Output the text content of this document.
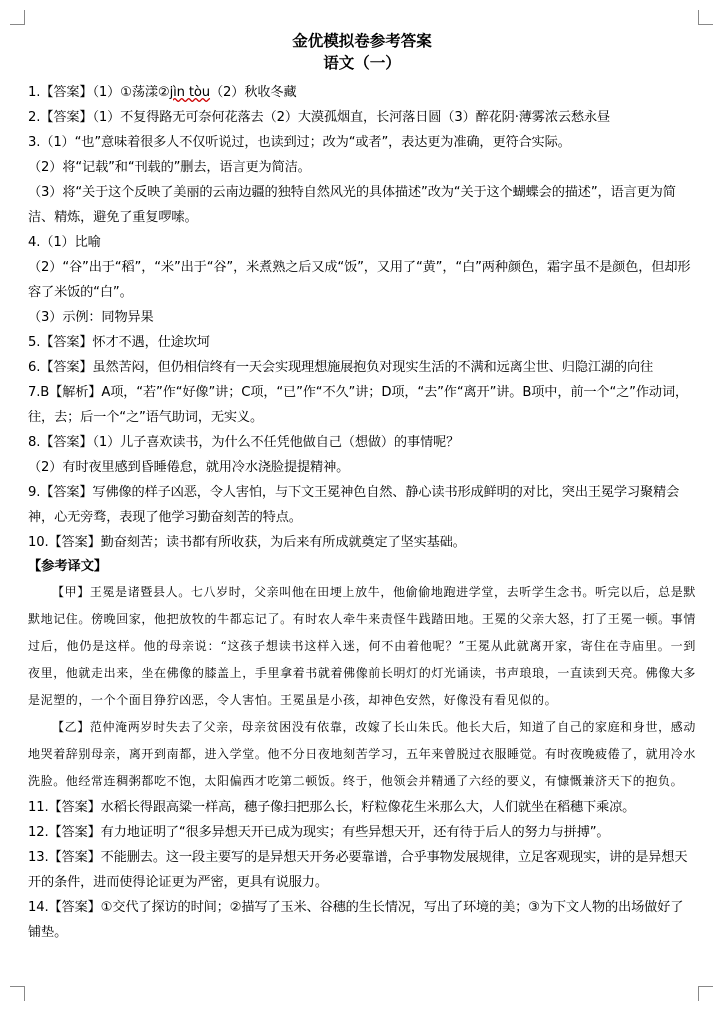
金优模拟卷参考答案
语文（一）
1.【答案】（1）①荡漾②jìn tòu（2）秋收冬藏
2.【答案】（1）不复得路无可奈何花落去（2）大漠孤烟直，长河落日圆（3）醉花阴·薄雾浓云愁永昼
3.（1）“也”意味着很多人不仅听说过，也读到过；改为“或者”，表达更为准确，更符合实际。
（2）将“记载”和“刊载的”删去，语言更为简洁。
（3）将“关于这个反映了美丽的云南边疆的独特自然风光的具体描述”改为“关于这个蝴蝶会的描述”，语言更为简洁、精炼，避免了重复啰嗦。
4.（1）比喻
（2）“谷”出于“稻”，“米”出于“谷”，米煮熟之后又成“饭”，又用了“黄”，“白”两种颜色，霜字虽不是颜色，但却形容了米饭的“白”。
（3）示例：同物异果
5.【答案】怀才不遇，仕途坎坷
6.【答案】虽然苦闷，但仍相信终有一天会实现理想施展抱负对现实生活的不满和远离尘世、归隐江湖的向往
7.B【解析】A项，“若”作“好像”讲；C项，“已”作“不久”讲；D项，“去”作“离开”讲。B项中，前一个“之”作动词，往，去；后一个“之”语气助词，无实义。
8.【答案】（1）儿子喜欢读书，为什么不任凭他做自己（想做）的事情呢？
（2）有时夜里感到昏睡倦怠，就用冷水浇脸提提精神。
9.【答案】写佛像的样子凶恶，令人害怕，与下文王冕神色自然、静心读书形成鲜明的对比，突出王冕学习聚精会神，心无旁骛，表现了他学习勤奋刻苦的特点。
10.【答案】勤奋刻苦；读书都有所收获，为后来有所成就奠定了坚实基础。
【参考译文】

【甲】王冕是诸暨县人。七八岁时，父亲叫他在田埂上放牛，他偷偷地跑进学堂，去听学生念书。听完以后，总是默默地记住。傍晚回家，他把放牧的牛都忘记了。有时农人牵牛来责怪牛践踏田地。王冕的父亲大怒，打了王冕一顿。事情过后，他仍是这样。他的母亲说：“这孩子想读书这样入迷，何不由着他呢？”王冕从此就离开家，寄住在寺庙里。一到夜里，他就走出来，坐在佛像的膝盖上，手里拿着书就着佛像前长明灯的灯光诵读，书声琅琅，一直读到天亮。佛像大多是泥塑的，一个个面目狰狞凶恶，令人害怕。王冕虽是小孩，却神色安然，好像没有看见似的。

【乙】范仲淹两岁时失去了父亲，母亲贫困没有依靠，改嫁了长山朱氏。他长大后，知道了自己的家庭和身世，感动地哭着辞别母亲，离开到南都，进入学堂。他不分日夜地刻苦学习，五年来曾脱过衣服睡觉。有时夜晚疲倦了，就用冷水洗脸。他经常连稠粥都吃不饱，太阳偏西才吃第二顿饭。终于，他领会并精通了六经的要义，有慷慨兼济天下的抱负。

11.【答案】水稻长得跟高粱一样高，穗子像扫把那么长，籽粒像花生米那么大，人们就坐在稻穗下乘凉。
12.【答案】有力地证明了“很多异想天开已成为现实；有些异想天开，还有待于后人的努力与拼搏”。
13.【答案】不能删去。这一段主要写的是异想天开务必要靠谱，合乎事物发展规律，立足客观现实，讲的是异想天开的条件，进而使得论证更为严密，更具有说服力。
14.【答案】①交代了探访的时间；②描写了玉米、谷穗的生长情况，写出了环境的美；③为下文人物的出场做好了铺垫。
